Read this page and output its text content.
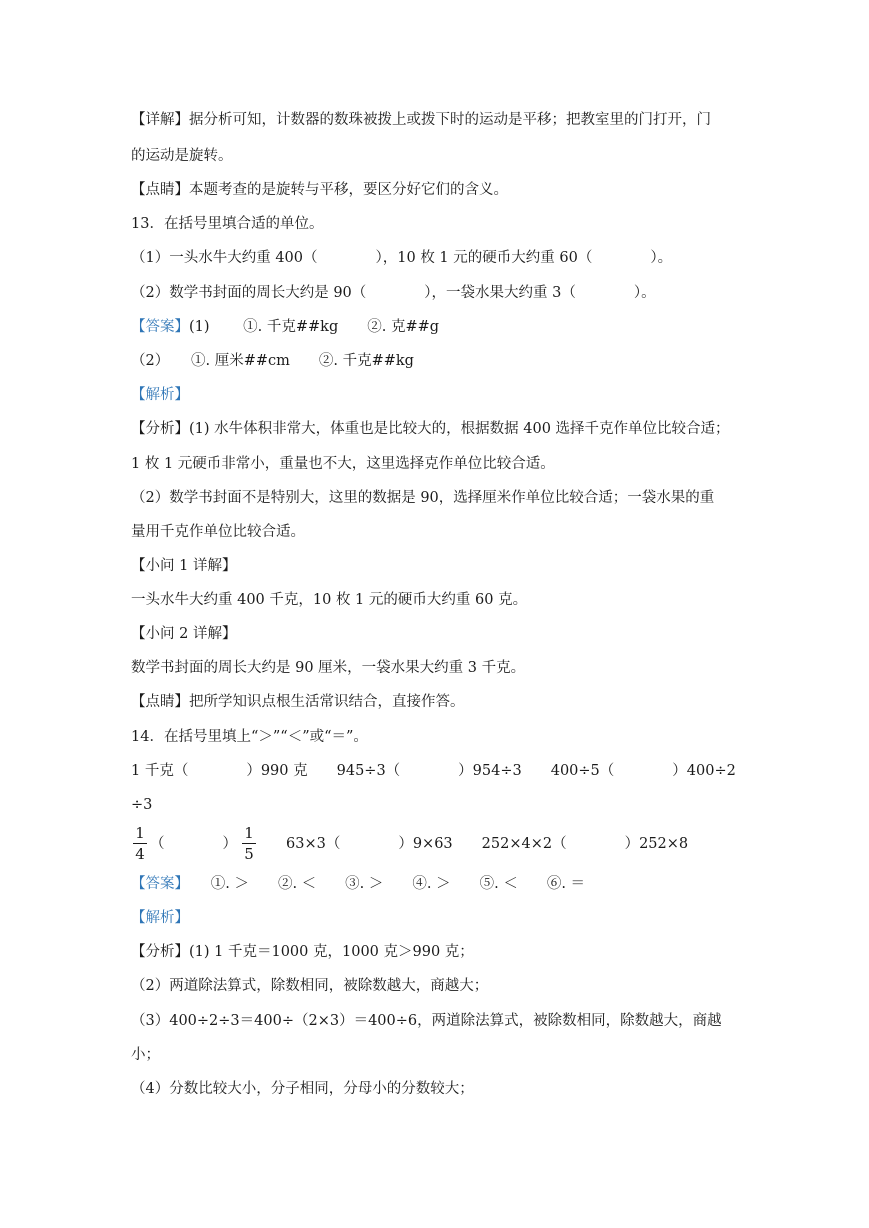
【详解】据分析可知，计数器的数珠被拨上或拨下时的运动是平移；把教室里的门打开，门
的运动是旋转。
【点睛】本题考查的是旋转与平移，要区分好它们的含义。
13．在括号里填合适的单位。
（1）一头水牛大约重 400（　　　　），10 枚 1 元的硬币大约重 60（　　　　）。
（2）数学书封面的周长大约是 90（　　　　），一袋水果大约重 3（　　　　）。
【答案】(1)　　 ①. 千克##kg　　②. 克##g
（2）　　①. 厘米##cm　　②. 千克##kg
【解析】
【分析】(1) 水牛体积非常大，体重也是比较大的，根据数据 400 选择千克作单位比较合适；
1 枚 1 元硬币非常小，重量也不大，这里选择克作单位比较合适。
（2）数学书封面不是特别大，这里的数据是 90，选择厘米作单位比较合适；一袋水果的重
量用千克作单位比较合适。
【小问 1 详解】
一头水牛大约重 400 千克，10 枚 1 元的硬币大约重 60 克。
【小问 2 详解】
数学书封面的周长大约是 90 厘米，一袋水果大约重 3 千克。
【点睛】把所学知识点根生活常识结合，直接作答。
14．在括号里填上“＞”“＜”或“＝”。
1 千克（　　　　）990 克　　945÷3（　　　　）954÷3　　400÷5（　　　　）400÷2
÷3
1
4
（　　　　）
1
5
63×3（　　　　）9×63　　252×4×2（　　　　）252×8
【答案】　　①. ＞　　②. ＜　　③. ＞　　④. ＞　　⑤. ＜　　⑥. ＝
【解析】
【分析】(1) 1 千克＝1000 克，1000 克＞990 克；
（2）两道除法算式，除数相同，被除数越大，商越大；
（3）400÷2÷3＝400÷（2×3）＝400÷6，两道除法算式，被除数相同，除数越大，商越
小；
（4）分数比较大小，分子相同，分母小的分数较大；
